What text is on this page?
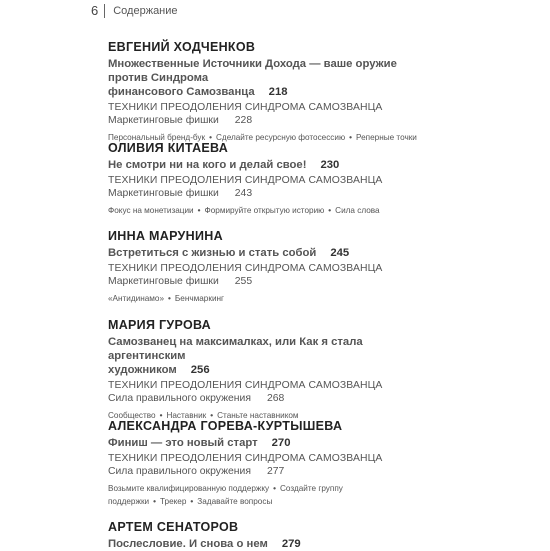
6 Содержание

ЕВГЕНИЙ ХОДЧЕНКОВ

Множественные Источники Дохода — ваше оружие против Синдрома
финансового Самозванца 218

ТЕХНИКИ ПРЕОДОЛЕНИЯ СИНДРОМА САМОЗВАНЦА
Маркетинговые фишки 228
Персональный бренд-бук • Сделайте ресурсную фотосессию • Реперные точки

ОЛИВИЯ КИТАЕВА

Не смотри ни на кого и делай свое! 230

ТЕХНИКИ ПРЕОДОЛЕНИЯ СИНДРОМА САМОЗВАНЦА
Маркетинговые фишки 243
Фокус на монетизации • Формируйте открытую историю • Сила слова

ИННА МАРУНИНА

Встретиться с жизнью и стать собой 245

ТЕХНИКИ ПРЕОДОЛЕНИЯ СИНДРОМА САМОЗВАНЦА
Маркетинговые фишки 255
«Антидинамо» • Бенчмаркинг

МАРИЯ ГУРОВА

Самозванец на максималках, или Как я стала аргентинским
художником 256

ТЕХНИКИ ПРЕОДОЛЕНИЯ СИНДРОМА САМОЗВАНЦА
Сила правильного окружения 268
Сообщество • Наставник • Станьте наставником

АЛЕКСАНДРА ГОРЕВА-КУРТЫШЕВА

Финиш — это новый старт 270

ТЕХНИКИ ПРЕОДОЛЕНИЯ СИНДРОМА САМОЗВАНЦА
Сила правильного окружения 277
Возьмите квалифицированную поддержку • Создайте группу
поддержки • Трекер • Задавайте вопросы

АРТЕМ СЕНАТОРОВ

Послесловие. И снова о нем 279
